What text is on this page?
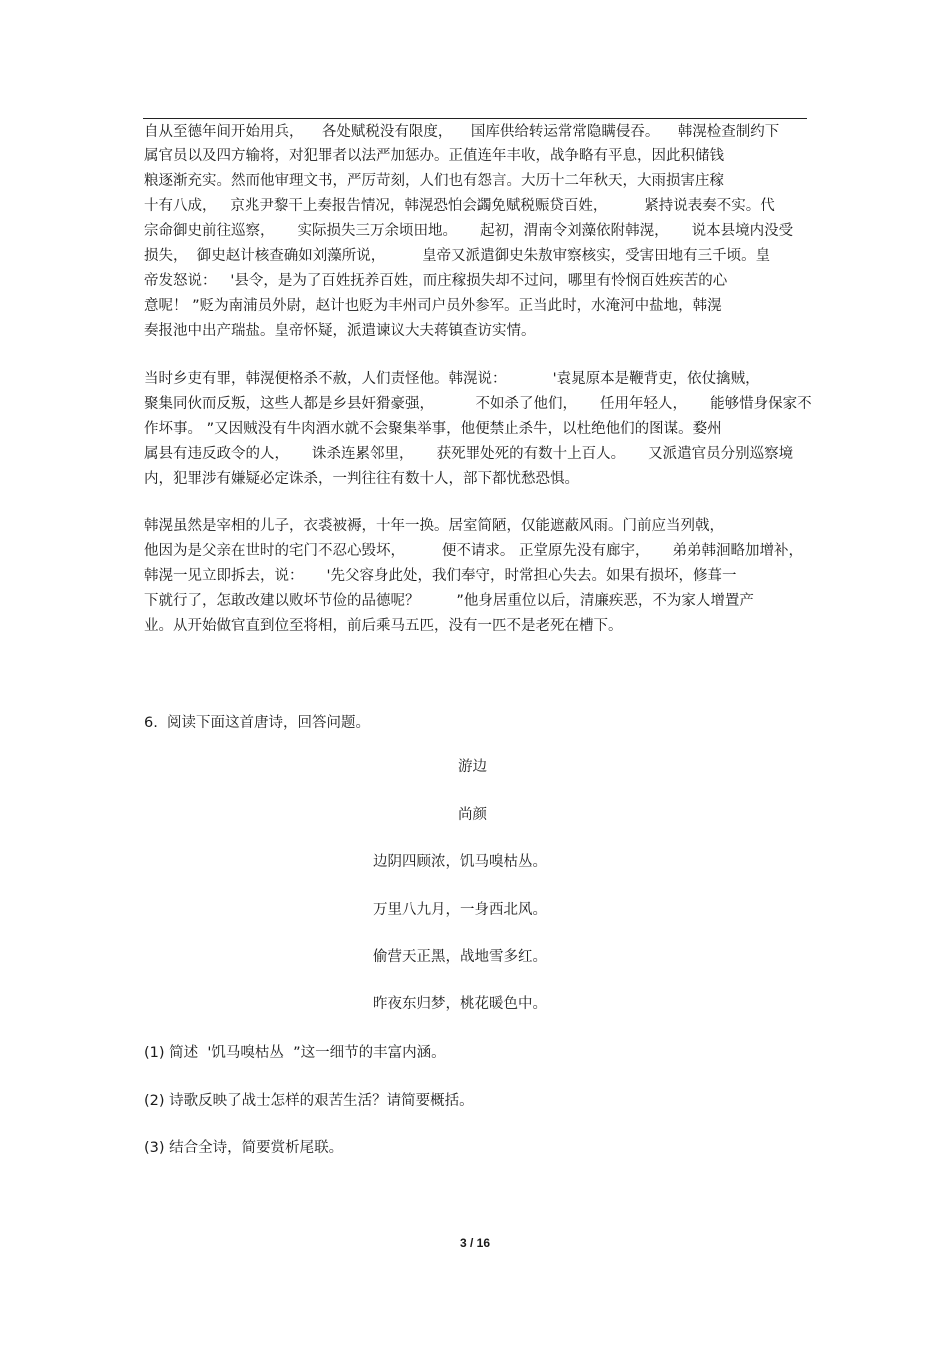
自从至德年间开始用兵，    各处赋税没有限度，    国库供给转运常常隐瞒侵吞。    韩滉检查制约下
属官员以及四方输将，对犯罪者以法严加惩办。正值连年丰收，战争略有平息，因此积储钱
粮逐渐充实。然而他审理文书，严厉苛刻，人们也有怨言。大历十二年秋天，大雨损害庄稼
十有八成，   京兆尹黎干上奏报告情况，韩滉恐怕会蠲免赋税赈贷百姓，        紧持说表奏不实。代
宗命御史前往巡察，     实际损失三万余顷田地。     起初，渭南令刘藻依附韩滉，     说本县境内没受
损失，  御史赵计核查确如刘藻所说，        皇帝又派遣御史朱敖审察核实，受害田地有三千顷。皇
帝发怒说：   '县令，是为了百姓抚养百姓，而庄稼损失却不过问，哪里有怜悯百姓疾苦的心
意呢！ ”贬为南浦员外尉，赵计也贬为丰州司户员外参军。正当此时，水淹河中盐地，韩滉
奏报池中出产瑞盐。皇帝怀疑，派遣谏议大夫蒋镇查访实情。
当时乡吏有罪，韩滉便格杀不赦，人们责怪他。韩滉说：          '袁晁原本是鞭背吏，依仗擒贼，
聚集同伙而反叛，这些人都是乡县奸猾豪强，         不如杀了他们，     任用年轻人，     能够惜身保家不
作坏事。 ”又因贼没有牛肉酒水就不会聚集举事，他便禁止杀牛，以杜绝他们的图谋。婺州
属县有违反政令的人，     诛杀连累邻里，     获死罪处死的有数十上百人。     又派遣官员分别巡察境
内，犯罪涉有嫌疑必定诛杀，一判往往有数十人，部下都忧愁恐惧。
韩滉虽然是宰相的儿子，衣裘被褥，十年一换。居室简陋，仅能遮蔽风雨。门前应当列戟，
他因为是父亲在世时的宅门不忍心毁坏，        便不请求。 正堂原先没有廊宇，     弟弟韩洄略加增补，
韩滉一见立即拆去，说：     '先父容身此处，我们奉守，时常担心失去。如果有损坏，修葺一
下就行了，怎敢改建以败坏节俭的品德呢？        ”他身居重位以后，清廉疾恶，不为家人增置产
业。从开始做官直到位至将相，前后乘马五匹，没有一匹不是老死在槽下。
6.  阅读下面这首唐诗，回答问题。
游边
尚颜
边阴四顾浓，饥马嗅枯丛。
万里八九月，一身西北风。
偷营天正黑，战地雪多红。
昨夜东归梦，桃花暖色中。
(1) 简述  '饥马嗅枯丛  ”这一细节的丰富内涵。
(2) 诗歌反映了战士怎样的艰苦生活？请简要概括。
(3) 结合全诗，简要赏析尾联。
3 / 16
